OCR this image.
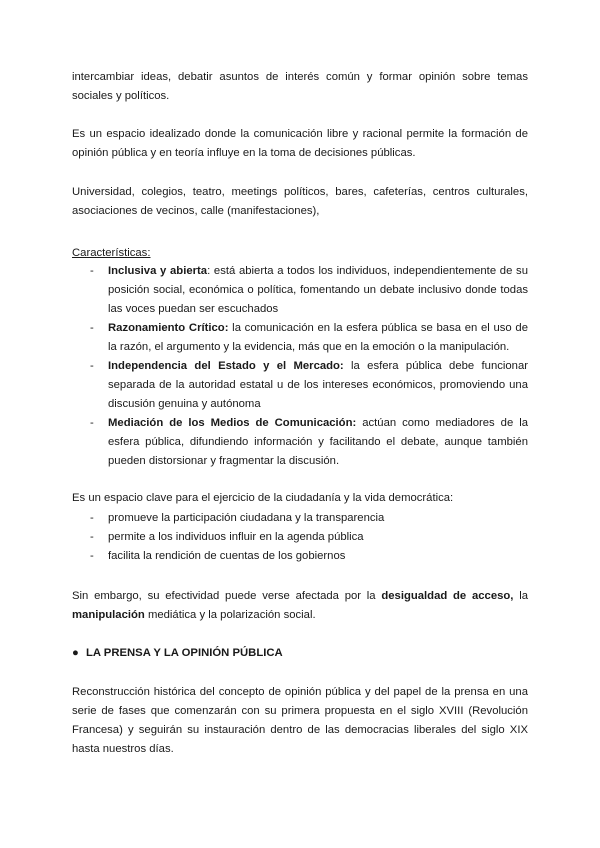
intercambiar ideas, debatir asuntos de interés común y formar opinión sobre temas sociales y políticos.

Es un espacio idealizado donde la comunicación libre y racional permite la formación de opinión pública y en teoría influye en la toma de decisiones públicas.

Universidad, colegios, teatro, meetings políticos, bares, cafeterías, centros culturales, asociaciones de vecinos, calle (manifestaciones),

Características:
- Inclusiva y abierta: está abierta a todos los individuos, independientemente de su posición social, económica o política, fomentando un debate inclusivo donde todas las voces puedan ser escuchados
- Razonamiento Crítico: la comunicación en la esfera pública se basa en el uso de la razón, el argumento y la evidencia, más que en la emoción o la manipulación.
- Independencia del Estado y el Mercado: la esfera pública debe funcionar separada de la autoridad estatal u de los intereses económicos, promoviendo una discusión genuina y autónoma
- Mediación de los Medios de Comunicación: actúan como mediadores de la esfera pública, difundiendo información y facilitando el debate, aunque también pueden distorsionar y fragmentar la discusión.

Es un espacio clave para el ejercicio de la ciudadanía y la vida democrática:

- promueve la participación ciudadana y la transparencia
- permite a los individuos influir en la agenda pública
- facilita la rendición de cuentas de los gobiernos

Sin embargo, su efectividad puede verse afectada por la desigualdad de acceso, la manipulación mediática y la polarización social.

● LA PRENSA Y LA OPINIÓN PÚBLICA

Reconstrucción histórica del concepto de opinión pública y del papel de la prensa en una serie de fases que comenzarán con su primera propuesta en el siglo XVIII (Revolución Francesa) y seguirán su instauración dentro de las democracias liberales del siglo XIX hasta nuestros días.
